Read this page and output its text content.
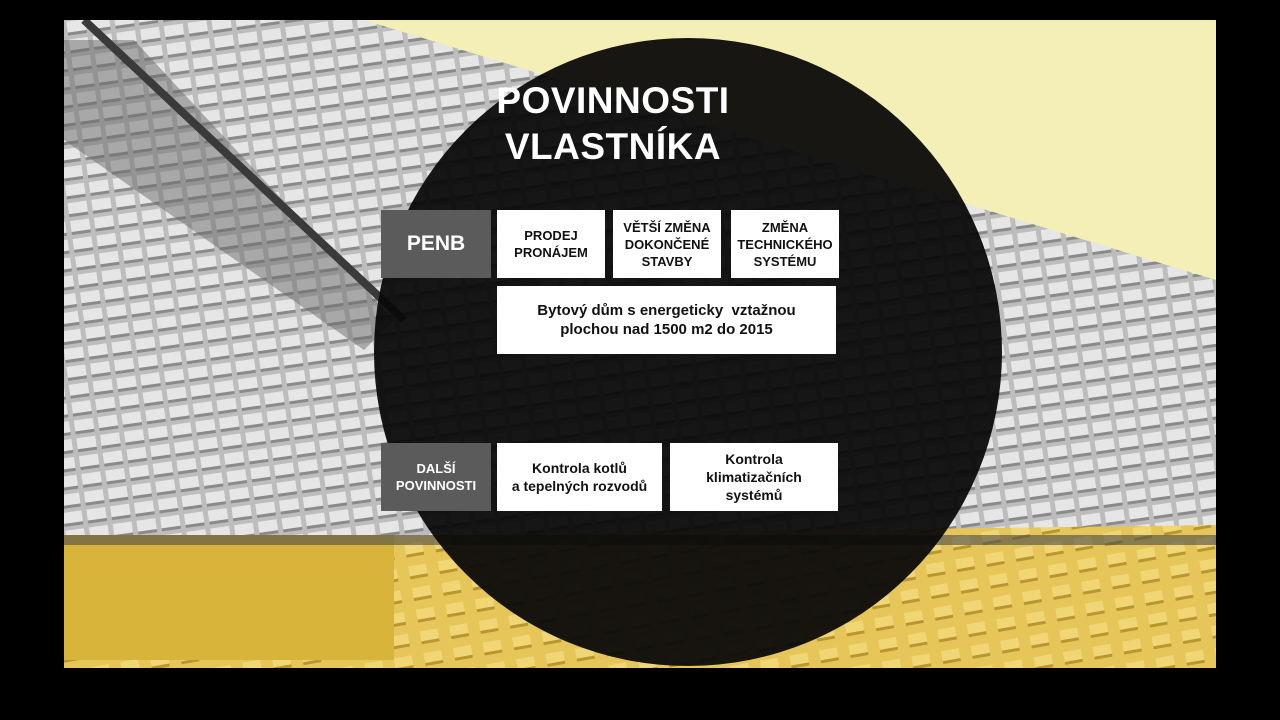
POVINNOSTI
VLASTNÍKA
PENB	PRODEJ
PRONÁJEM
VĚTŠÍ ZMĚNA
DOKONČENÉ
STAVBY
ZMĚNA
TECHNICKÉHO
SYSTÉMU
Bytový dům s energeticky  vztažnou
plochou nad 1500 m2 do 2015
DALŠÍ
POVINNOSTI
Kontrola kotlů
a tepelných rozvodů
Kontrola
klimatizačních
systémů
